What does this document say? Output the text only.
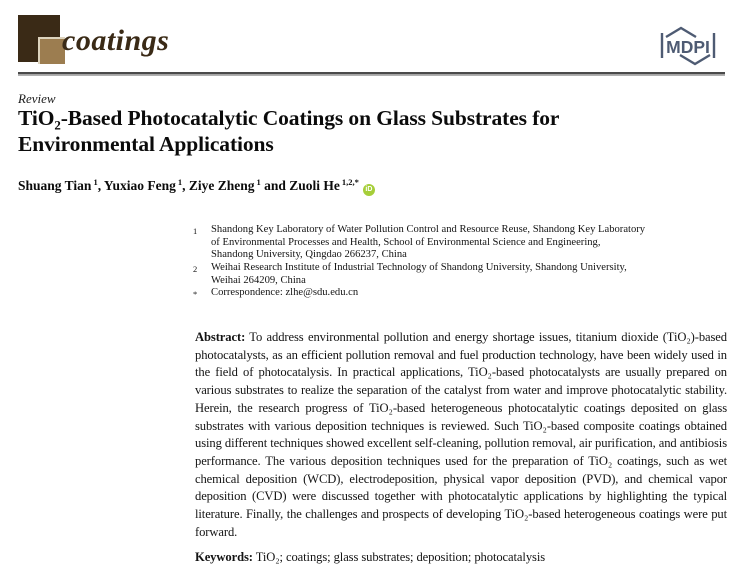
coatings	MDPI
Review
TiO₂-Based Photocatalytic Coatings on Glass Substrates for Environmental Applications
Shuang Tian $^1$, Yuxiao Feng $^1$, Ziye Zheng $^1$ and Zuoli He $^{1,2,*}$iD
1	Shandong Key Laboratory of Water Pollution Control and Resource Reuse, Shandong Key Laboratory
of Environmental Processes and Health, School of Environmental Science and Engineering,
Shandong University, Qingdao 266237, China
2	Weihai Research Institute of Industrial Technology of Shandong University, Shandong University,
Weihai 264209, China
*	Correspondence: zlhe@sdu.edu.cn
Abstract: To address environmental pollution and energy shortage issues, titanium dioxide (TiO₂)-based photocatalysts, as an efficient pollution removal and fuel production technology, have been widely used in the field of photocatalysis. In practical applications, TiO₂-based photocatalysts are usually prepared on various substrates to realize the separation of the catalyst from water and improve photocatalytic stability. Herein, the research progress of TiO₂-based heterogeneous photocatalytic coatings deposited on glass substrates with various deposition techniques is reviewed. Such TiO₂-based composite coatings obtained using different techniques showed excellent self-cleaning, pollution removal, air purification, and antibiosis performance. The various deposition techniques used for the preparation of TiO₂ coatings, such as wet chemical deposition (WCD), electrodeposition, physical vapor deposition (PVD), and chemical vapor deposition (CVD) were discussed together with photocatalytic applications by highlighting the typical literature. Finally, the challenges and prospects of developing TiO₂-based heterogeneous coatings were put forward.
Keywords: TiO₂; coatings; glass substrates; deposition; photocatalysis
